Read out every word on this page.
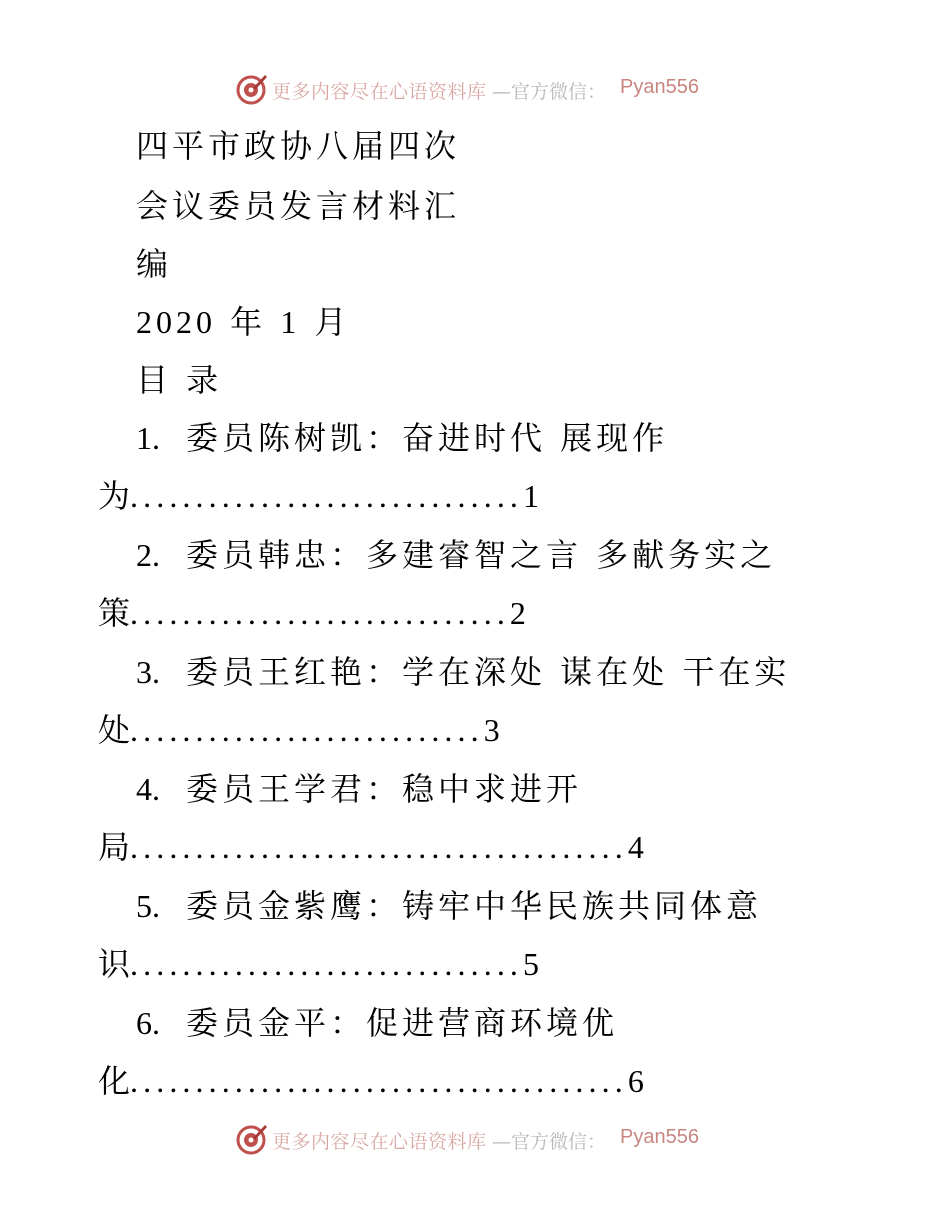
更多内容尽在心语资料库 —官方微信： Pyan556
四平市政协八届四次
会议委员发言材料汇
编
2020 年 1 月
目 录
1. 委员陈树凯：奋进时代 展现作
为..............................1
2. 委员韩忠：多建睿智之言 多献务实之
策.............................2
3. 委员王红艳：学在深处 谋在处 干在实
处...........................3
4. 委员王学君：稳中求进开
局......................................4
5. 委员金紫鹰：铸牢中华民族共同体意
识..............................5
6. 委员金平：促进营商环境优
化......................................6
更多内容尽在心语资料库 —官方微信： Pyan556
